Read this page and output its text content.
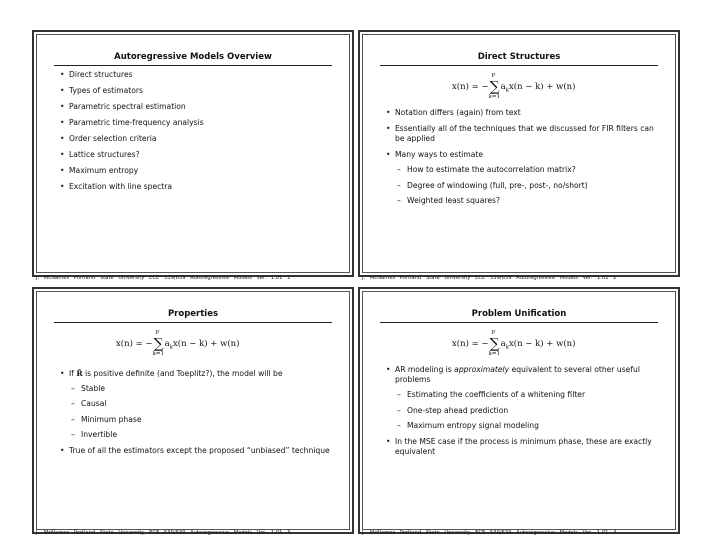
Autoregressive Models Overview
• Direct structures
• Types of estimators
• Parametric spectral estimation
• Parametric time-frequency analysis
• Order selection criteria
• Lattice structures?
• Maximum entropy
• Excitation with line spectra
J. McNames Portland State University ECE 539/639 Autoregressive Models Ver. 1.01 1
Direct Structures
x(n) = −∑
P
k=1
$a_kx(n - k) + w(n)$
• Notation differs (again) from text
• Essentially all of the techniques that we discussed for FIR filters can be applied
• Many ways to estimate
– How to estimate the autocorrelation matrix?
– Degree of windowing (full, pre-, post-, no/short)
– Weighted least squares?
J. McNames Portland State University ECE 539/639 Autoregressive Models Ver. 1.01 2
Properties
x(n) = −∑
P
k=1
$a_kx(n - k) + w(n)$
• If R̂ is positive definite (and Toeplitz?), the model will be
– Stable
– Causal
– Minimum phase
– Invertible
• True of all the estimators except the proposed “unbiased” technique
J. McNames Portland State University ECE 539/639 Autoregressive Models Ver. 1.01 3
Problem Unification
x(n) = −∑
P
k=1
$a_kx(n - k) + w(n)$
• AR modeling is approximately equivalent to several other useful problems
– Estimating the coefficients of a whitening filter
– One-step ahead prediction
– Maximum entropy signal modeling
• In the MSE case if the process is minimum phase, these are exactly equivalent
J. McNames Portland State University ECE 539/639 Autoregressive Models Ver. 1.01 4
